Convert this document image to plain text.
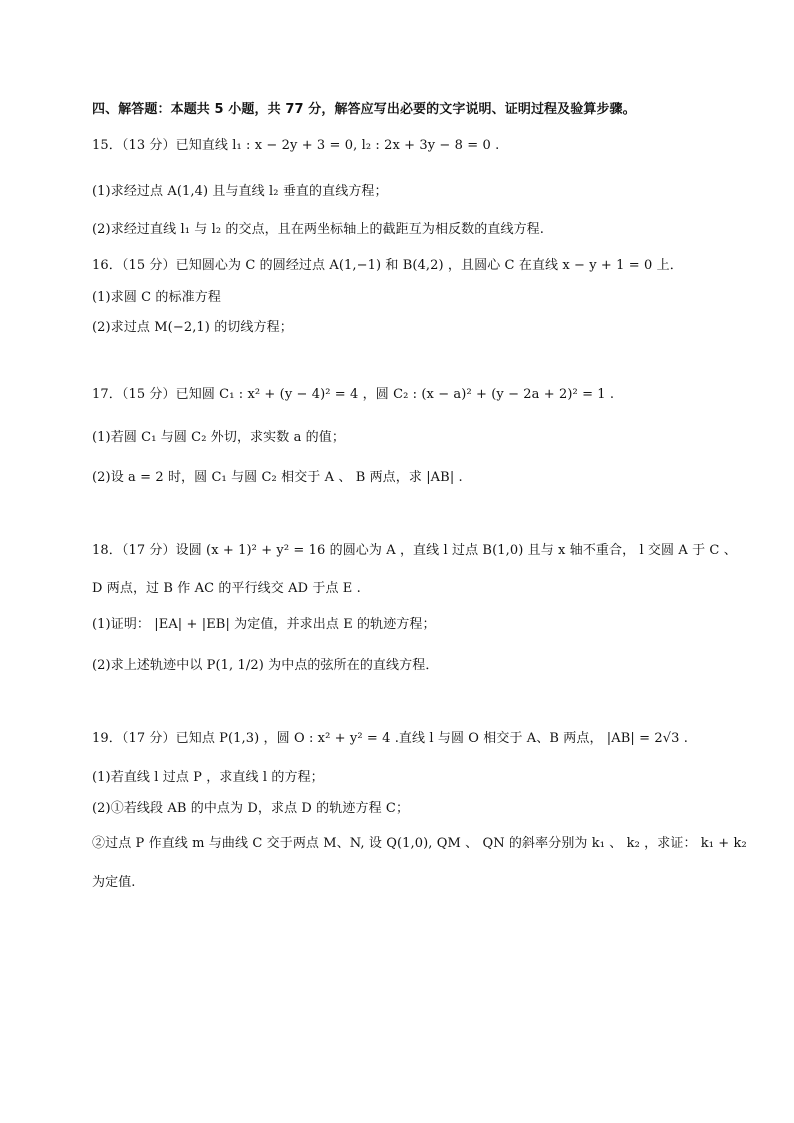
四、解答题：本题共 5 小题，共 77 分，解答应写出必要的文字说明、证明过程及验算步骤。
15．（13 分）已知直线 l₁ : x − 2y + 3 = 0, l₂ : 2x + 3y − 8 = 0 .
(1)求经过点 A(1,4) 且与直线 l₂ 垂直的直线方程；
(2)求经过直线 l₁ 与 l₂ 的交点，且在两坐标轴上的截距互为相反数的直线方程.
16．（15 分）已知圆心为 C 的圆经过点 A(1,−1) 和 B(4,2) ，且圆心 C 在直线 x − y + 1 = 0 上．
(1)求圆 C 的标准方程
(2)求过点 M(−2,1) 的切线方程；
17．（15 分）已知圆 C₁ : x² + (y − 4)² = 4 ，圆 C₂ : (x − a)² + (y − 2a + 2)² = 1 .
(1)若圆 C₁ 与圆 C₂ 外切，求实数 a 的值；
(2)设 a = 2 时，圆 C₁ 与圆 C₂ 相交于 A 、 B 两点，求 |AB| .
18．（17 分）设圆 (x + 1)² + y² = 16 的圆心为 A ，直线 l 过点 B(1,0) 且与 x 轴不重合， l 交圆 A 于 C 、
D 两点，过 B 作 AC 的平行线交 AD 于点 E .
(1)证明： |EA| + |EB| 为定值，并求出点 E 的轨迹方程；
(2)求上述轨迹中以 P(1, 1/2) 为中点的弦所在的直线方程．
19．（17 分）已知点 P(1,3) ，圆 O : x² + y² = 4 .直线 l 与圆 O 相交于 A、B 两点， |AB| = 2√3 .
(1)若直线 l 过点 P ，求直线 l 的方程；
(2)①若线段 AB 的中点为 D，求点 D 的轨迹方程 C；
②过点 P 作直线 m 与曲线 C 交于两点 M、N, 设 Q(1,0), QM 、 QN 的斜率分别为 k₁ 、 k₂ ，求证： k₁ + k₂
为定值.
